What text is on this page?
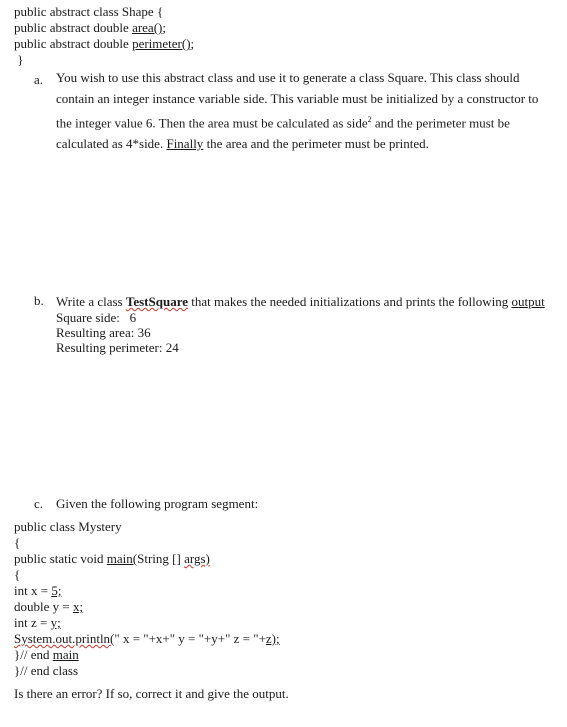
public abstract class Shape {
public abstract double area();
public abstract double perimeter();
}
a. You wish to use this abstract class and use it to generate a class Square. This class should contain an integer instance variable side. This variable must be initialized by a constructor to the integer value 6. Then the area must be calculated as side$^2$ and the perimeter must be calculated as 4*side. Finally the area and the perimeter must be printed.
b. Write a class TestSquare that makes the needed initializations and prints the following output
Square side:   6
Resulting area: 36
Resulting perimeter: 24
c. Given the following program segment:
public class Mystery
{
public static void main(String [] args)
{
int x = 5;
double y = x;
int z = y;
System.out.println(" x = "+x+" y = "+y+" z = "+z);
}// end main
}// end class
Is there an error? If so, correct it and give the output.
